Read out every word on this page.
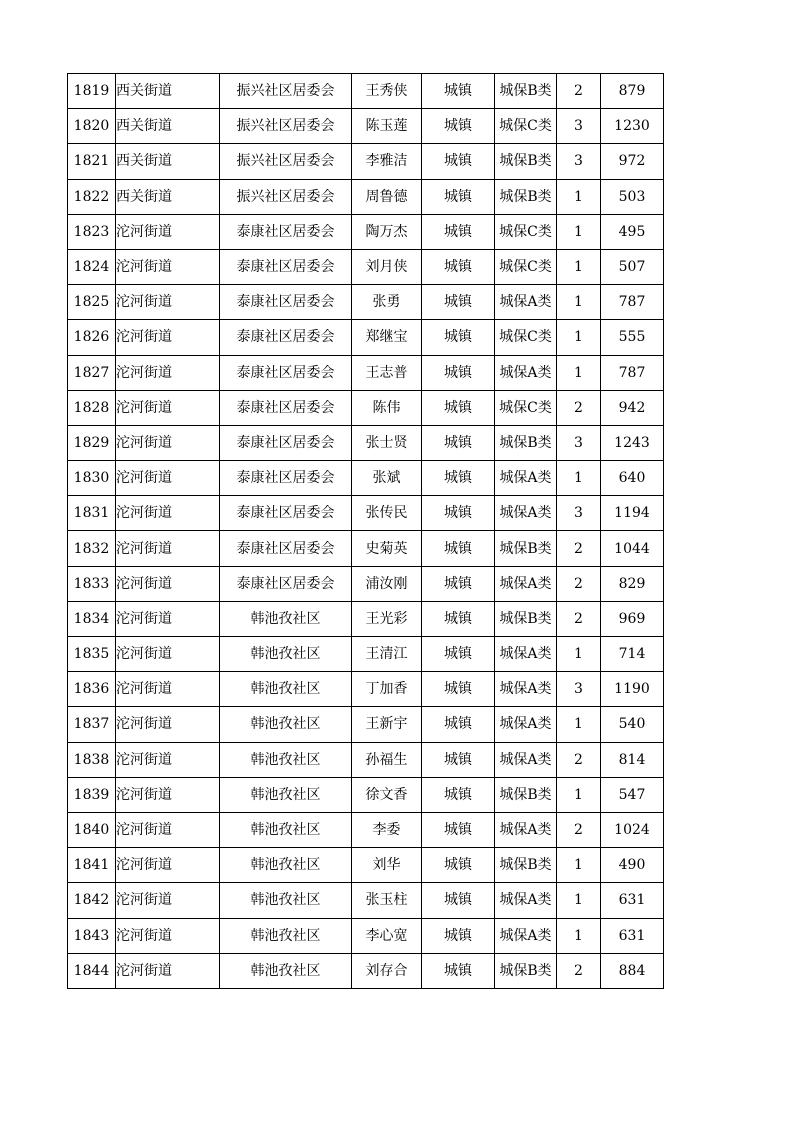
1819	西关街道	振兴社区居委会	王秀侠	城镇	城保B类	2	879
1820	西关街道	振兴社区居委会	陈玉莲	城镇	城保C类	3	1230
1821	西关街道	振兴社区居委会	李雅洁	城镇	城保B类	3	972
1822	西关街道	振兴社区居委会	周鲁德	城镇	城保B类	1	503
1823	沱河街道	泰康社区居委会	陶万杰	城镇	城保C类	1	495
1824	沱河街道	泰康社区居委会	刘月侠	城镇	城保C类	1	507
1825	沱河街道	泰康社区居委会	张勇	城镇	城保A类	1	787
1826	沱河街道	泰康社区居委会	郑继宝	城镇	城保C类	1	555
1827	沱河街道	泰康社区居委会	王志普	城镇	城保A类	1	787
1828	沱河街道	泰康社区居委会	陈伟	城镇	城保C类	2	942
1829	沱河街道	泰康社区居委会	张士贤	城镇	城保B类	3	1243
1830	沱河街道	泰康社区居委会	张斌	城镇	城保A类	1	640
1831	沱河街道	泰康社区居委会	张传民	城镇	城保A类	3	1194
1832	沱河街道	泰康社区居委会	史菊英	城镇	城保B类	2	1044
1833	沱河街道	泰康社区居委会	浦汝刚	城镇	城保A类	2	829
1834	沱河街道	韩池孜社区	王光彩	城镇	城保B类	2	969
1835	沱河街道	韩池孜社区	王清江	城镇	城保A类	1	714
1836	沱河街道	韩池孜社区	丁加香	城镇	城保A类	3	1190
1837	沱河街道	韩池孜社区	王新宇	城镇	城保A类	1	540
1838	沱河街道	韩池孜社区	孙福生	城镇	城保A类	2	814
1839	沱河街道	韩池孜社区	徐文香	城镇	城保B类	1	547
1840	沱河街道	韩池孜社区	李委	城镇	城保A类	2	1024
1841	沱河街道	韩池孜社区	刘华	城镇	城保B类	1	490
1842	沱河街道	韩池孜社区	张玉柱	城镇	城保A类	1	631
1843	沱河街道	韩池孜社区	李心宽	城镇	城保A类	1	631
1844	沱河街道	韩池孜社区	刘存合	城镇	城保B类	2	884
